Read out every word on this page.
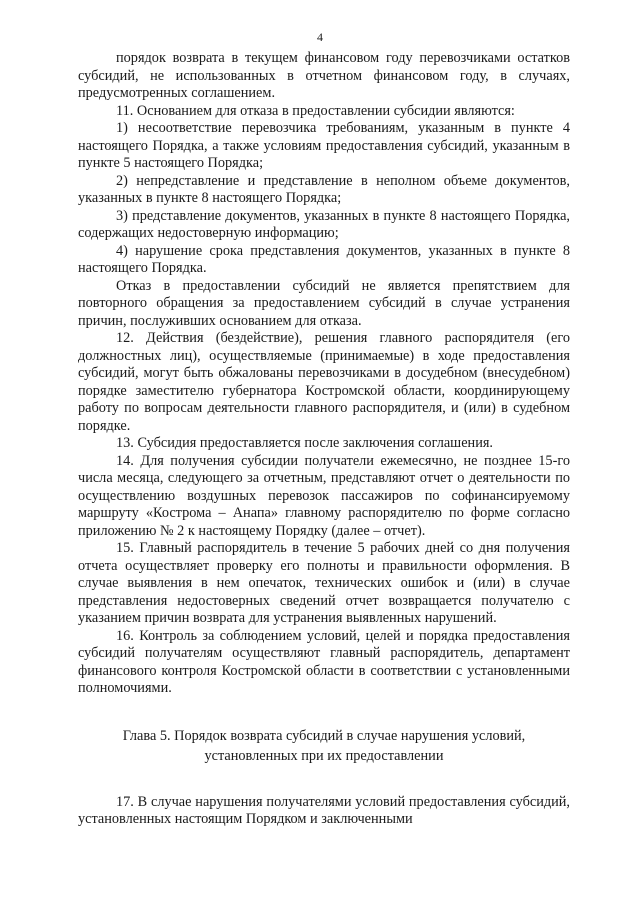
4

порядок возврата в текущем финансовом году перевозчиками остатков субсидий, не использованных в отчетном финансовом году, в случаях, предусмотренных соглашением.

11. Основанием для отказа в предоставлении субсидии являются:

1) несоответствие перевозчика требованиям, указанным в пункте 4 настоящего Порядка, а также условиям предоставления субсидий, указанным в пункте 5 настоящего Порядка;

2) непредставление и представление в неполном объеме документов, указанных в пункте 8 настоящего Порядка;

3) представление документов, указанных в пункте 8 настоящего Порядка, содержащих недостоверную информацию;

4) нарушение срока представления документов, указанных в пункте 8 настоящего Порядка.

Отказ в предоставлении субсидий не является препятствием для повторного обращения за предоставлением субсидий в случае устранения причин, послуживших основанием для отказа.

12. Действия (бездействие), решения главного распорядителя (его должностных лиц), осуществляемые (принимаемые) в ходе предоставления субсидий, могут быть обжалованы перевозчиками в досудебном (внесудебном) порядке заместителю губернатора Костромской области, координирующему работу по вопросам деятельности главного распорядителя, и (или) в судебном порядке.

13. Субсидия предоставляется после заключения соглашения.

14. Для получения субсидии получатели ежемесячно, не позднее 15-го числа месяца, следующего за отчетным, представляют отчет о деятельности по осуществлению воздушных перевозок пассажиров по софинансируемому маршруту «Кострома – Анапа» главному распорядителю по форме согласно приложению № 2 к настоящему Порядку (далее – отчет).

15. Главный распорядитель в течение 5 рабочих дней со дня получения отчета осуществляет проверку его полноты и правильности оформления. В случае выявления в нем опечаток, технических ошибок и (или) в случае представления недостоверных сведений отчет возвращается получателю с указанием причин возврата для устранения выявленных нарушений.

16. Контроль за соблюдением условий, целей и порядка предоставления субсидий получателям осуществляют главный распорядитель, департамент финансового контроля Костромской области в соответствии с установленными полномочиями.

Глава 5. Порядок возврата субсидий в случае нарушения условий,
установленных при их предоставлении

17. В случае нарушения получателями условий предоставления субсидий, установленных настоящим Порядком и заключенными
